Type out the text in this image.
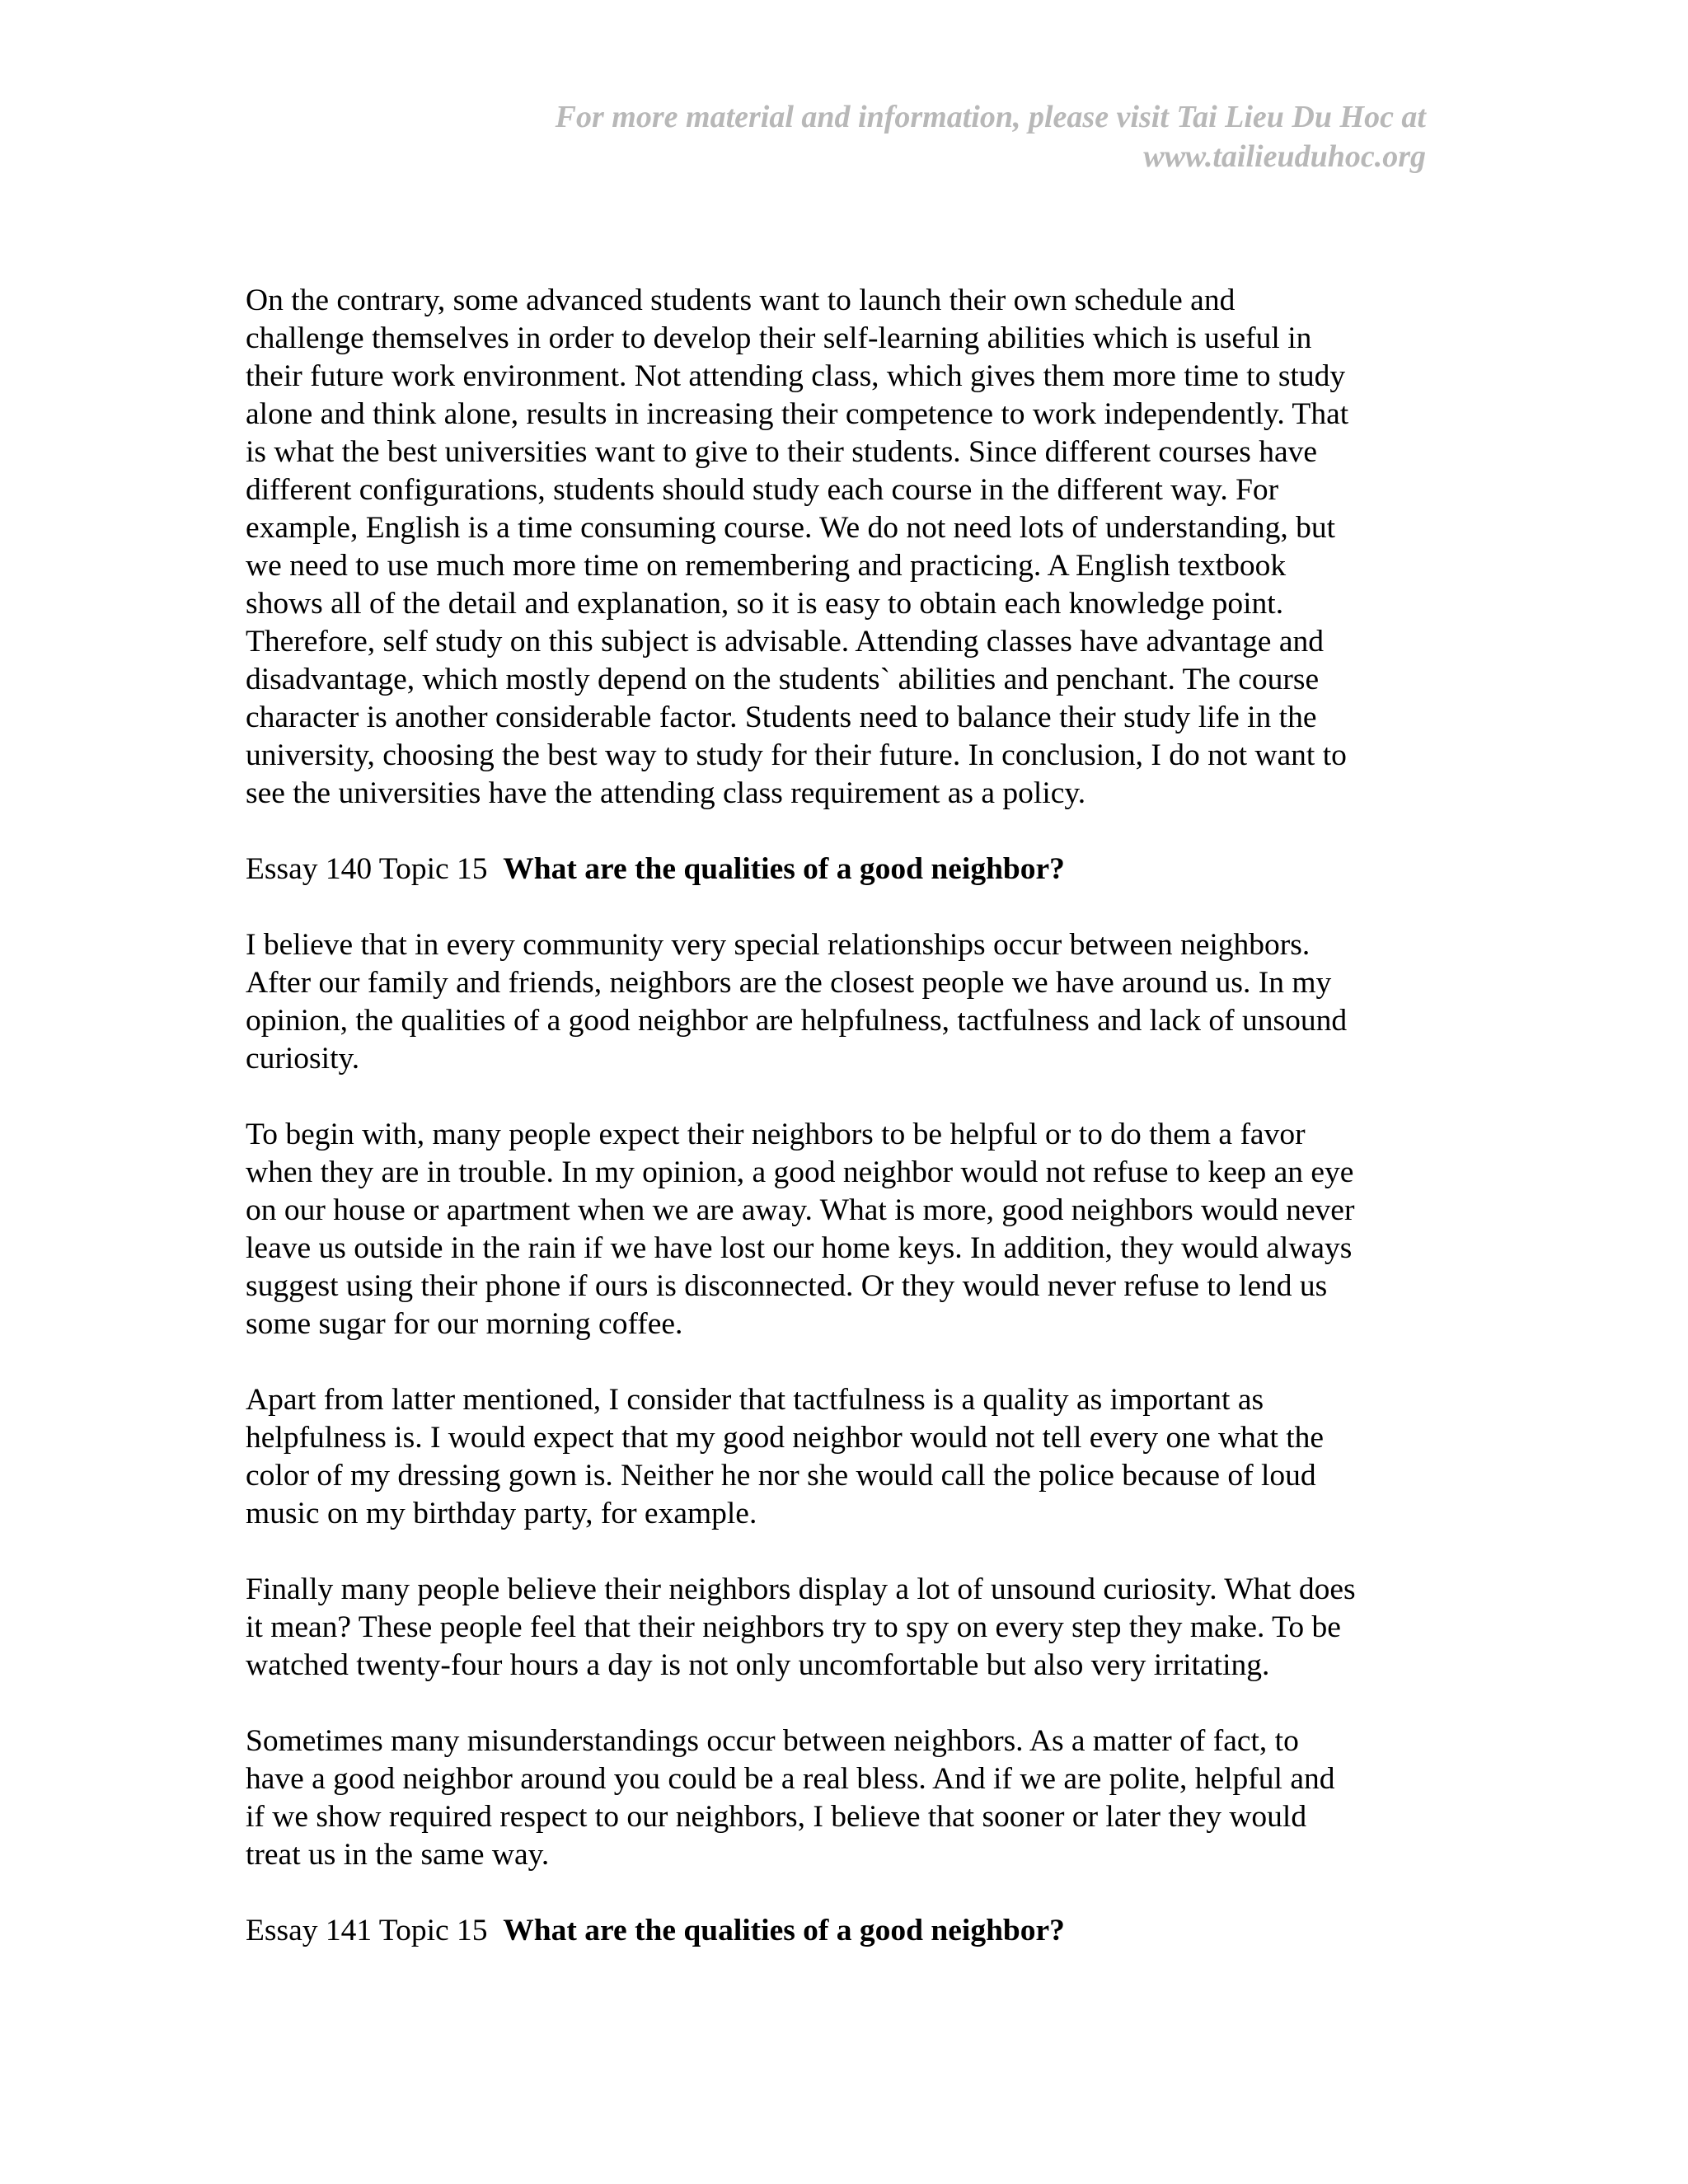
For more material and information, please visit Tai Lieu Du Hoc at
www.tailieuduhoc.org

On the contrary, some advanced students want to launch their own schedule and
challenge themselves in order to develop their self-learning abilities which is useful in
their future work environment. Not attending class, which gives them more time to study
alone and think alone, results in increasing their competence to work independently. That
is what the best universities want to give to their students. Since different courses have
different configurations, students should study each course in the different way. For
example, English is a time consuming course. We do not need lots of understanding, but
we need to use much more time on remembering and practicing. A English textbook
shows all of the detail and explanation, so it is easy to obtain each knowledge point.
Therefore, self study on this subject is advisable. Attending classes have advantage and
disadvantage, which mostly depend on the students` abilities and penchant. The course
character is another considerable factor. Students need to balance their study life in the
university, choosing the best way to study for their future. In conclusion, I do not want to
see the universities have the attending class requirement as a policy.

Essay 140 Topic 15 What are the qualities of a good neighbor?

I believe that in every community very special relationships occur between neighbors.
After our family and friends, neighbors are the closest people we have around us. In my
opinion, the qualities of a good neighbor are helpfulness, tactfulness and lack of unsound
curiosity.

To begin with, many people expect their neighbors to be helpful or to do them a favor
when they are in trouble. In my opinion, a good neighbor would not refuse to keep an eye
on our house or apartment when we are away. What is more, good neighbors would never
leave us outside in the rain if we have lost our home keys. In addition, they would always
suggest using their phone if ours is disconnected. Or they would never refuse to lend us
some sugar for our morning coffee.

Apart from latter mentioned, I consider that tactfulness is a quality as important as
helpfulness is. I would expect that my good neighbor would not tell every one what the
color of my dressing gown is. Neither he nor she would call the police because of loud
music on my birthday party, for example.

Finally many people believe their neighbors display a lot of unsound curiosity. What does
it mean? These people feel that their neighbors try to spy on every step they make. To be
watched twenty-four hours a day is not only uncomfortable but also very irritating.

Sometimes many misunderstandings occur between neighbors. As a matter of fact, to
have a good neighbor around you could be a real bless. And if we are polite, helpful and
if we show required respect to our neighbors, I believe that sooner or later they would
treat us in the same way.

Essay 141 Topic 15 What are the qualities of a good neighbor?
